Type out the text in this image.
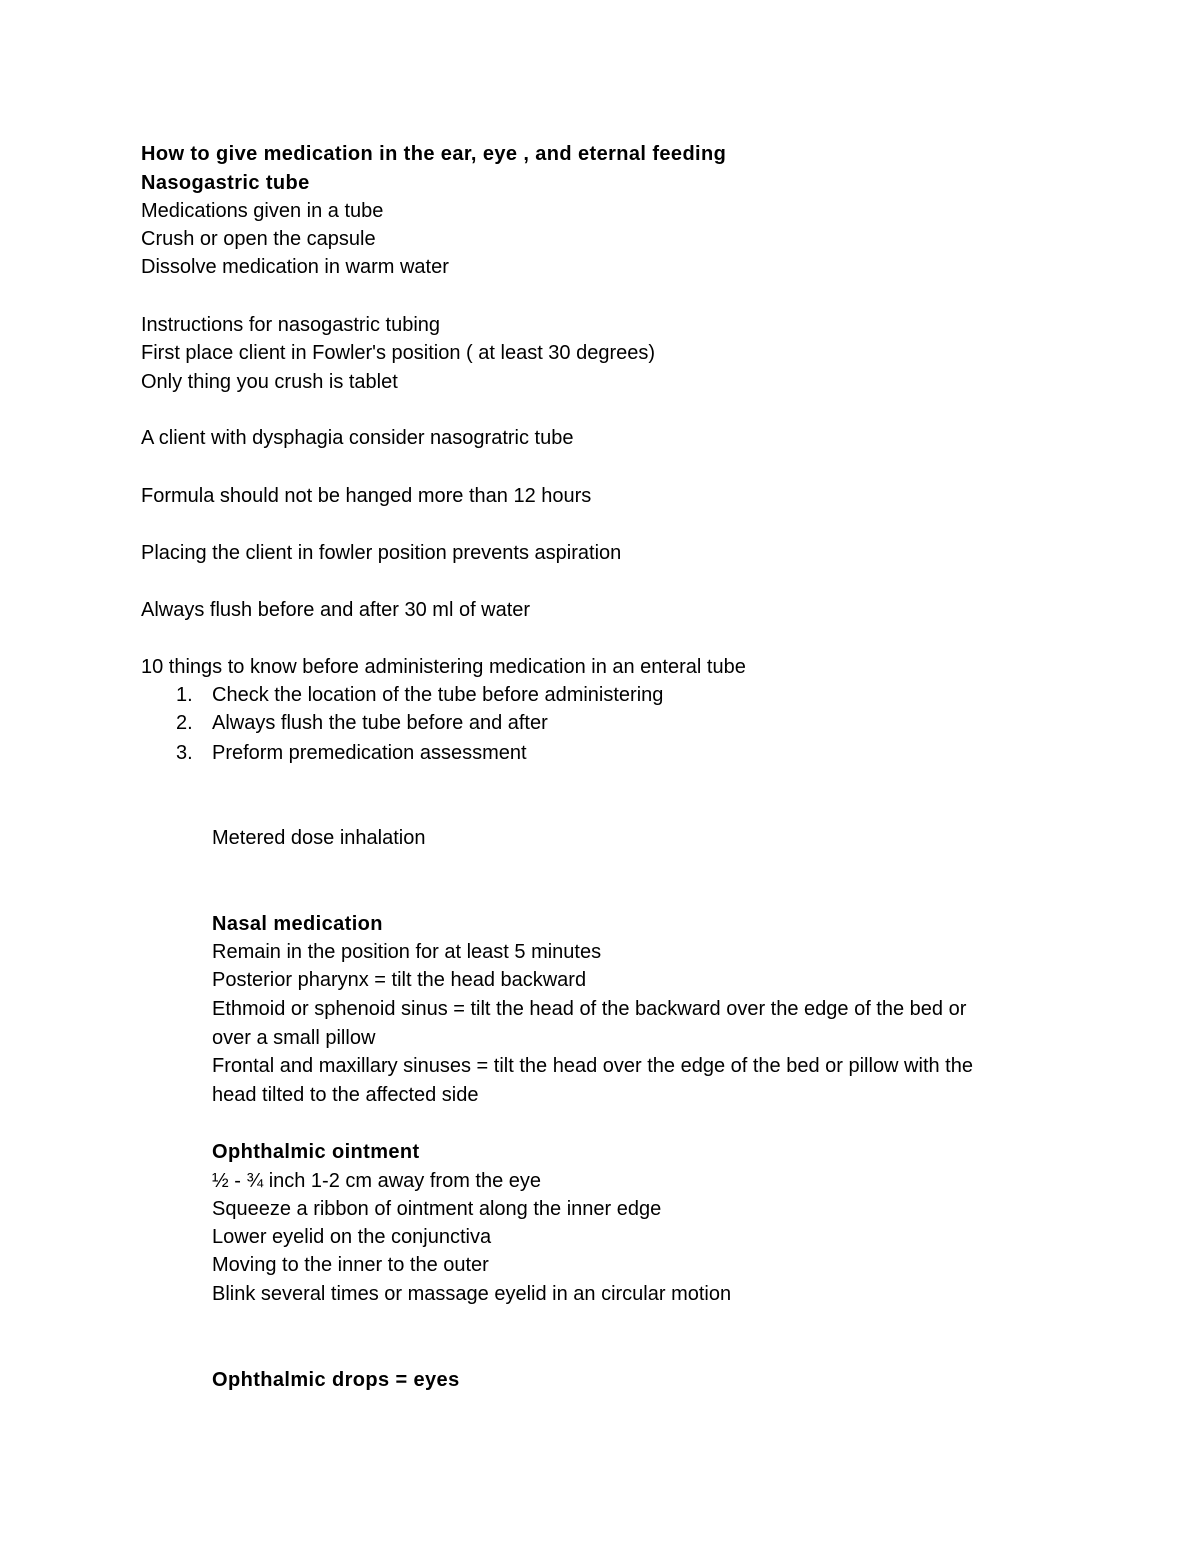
How to give medication in the ear, eye , and eternal feeding
Nasogastric tube
Medications given in a tube
Crush or open the capsule
Dissolve medication in warm water
Instructions for nasogastric tubing
First place client in Fowler's position ( at least 30 degrees)
Only thing you crush is tablet
A client with dysphagia consider nasogratric tube
Formula should not be hanged more than 12 hours
Placing the client in fowler position prevents aspiration
Always flush before and after 30 ml of water
10 things to know before administering medication in an enteral tube
1. Check the location of the tube before administering
2. Always flush the tube before and after
3. Preform premedication assessment
Metered dose inhalation
Nasal medication
Remain in the position for at least 5 minutes
Posterior pharynx = tilt the head backward
Ethmoid or sphenoid sinus = tilt the head of the backward over the edge of the bed or
over a small pillow
Frontal and maxillary sinuses = tilt the head over the edge of the bed or pillow with the
head tilted to the affected side
Ophthalmic ointment
½ - ¾ inch 1-2 cm away from the eye
Squeeze a ribbon of ointment along the inner edge
Lower eyelid on the conjunctiva
Moving to the inner to the outer
Blink several times or massage eyelid in an circular motion
Ophthalmic drops = eyes
